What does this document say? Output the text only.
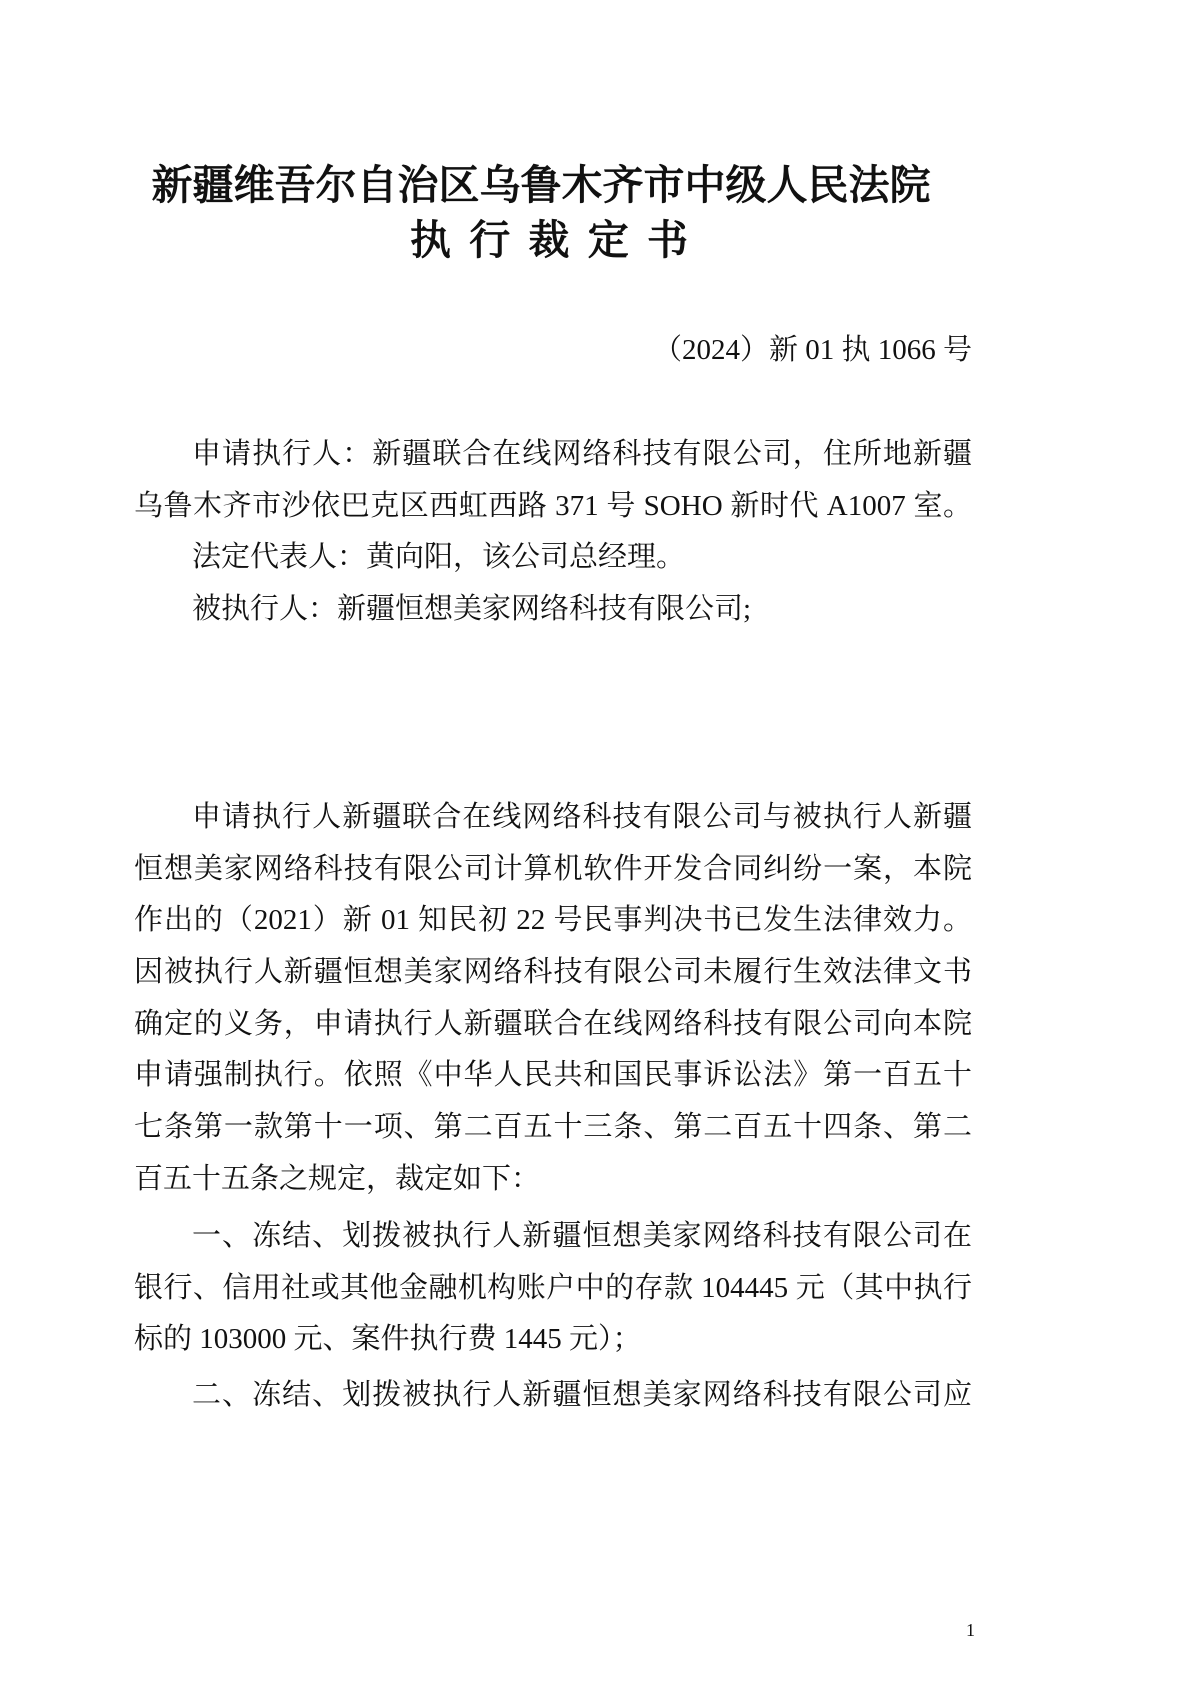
新疆维吾尔自治区乌鲁木齐市中级人民法院
执 行 裁 定 书
（2024）新 01 执 1066 号
申请执行人：新疆联合在线网络科技有限公司，住所地新疆
乌鲁木齐市沙依巴克区西虹西路 371 号 SOHO 新时代 A1007 室。
法定代表人：黄向阳，该公司总经理。
被执行人：新疆恒想美家网络科技有限公司;
申请执行人新疆联合在线网络科技有限公司与被执行人新疆
恒想美家网络科技有限公司计算机软件开发合同纠纷一案，本院
作出的（2021）新 01 知民初 22 号民事判决书已发生法律效力。
因被执行人新疆恒想美家网络科技有限公司未履行生效法律文书
确定的义务，申请执行人新疆联合在线网络科技有限公司向本院
申请强制执行。依照《中华人民共和国民事诉讼法》第一百五十
七条第一款第十一项、第二百五十三条、第二百五十四条、第二
百五十五条之规定，裁定如下：
一、冻结、划拨被执行人新疆恒想美家网络科技有限公司在
银行、信用社或其他金融机构账户中的存款 104445 元（其中执行
标的 103000 元、案件执行费 1445 元）；
二、冻结、划拨被执行人新疆恒想美家网络科技有限公司应
1
